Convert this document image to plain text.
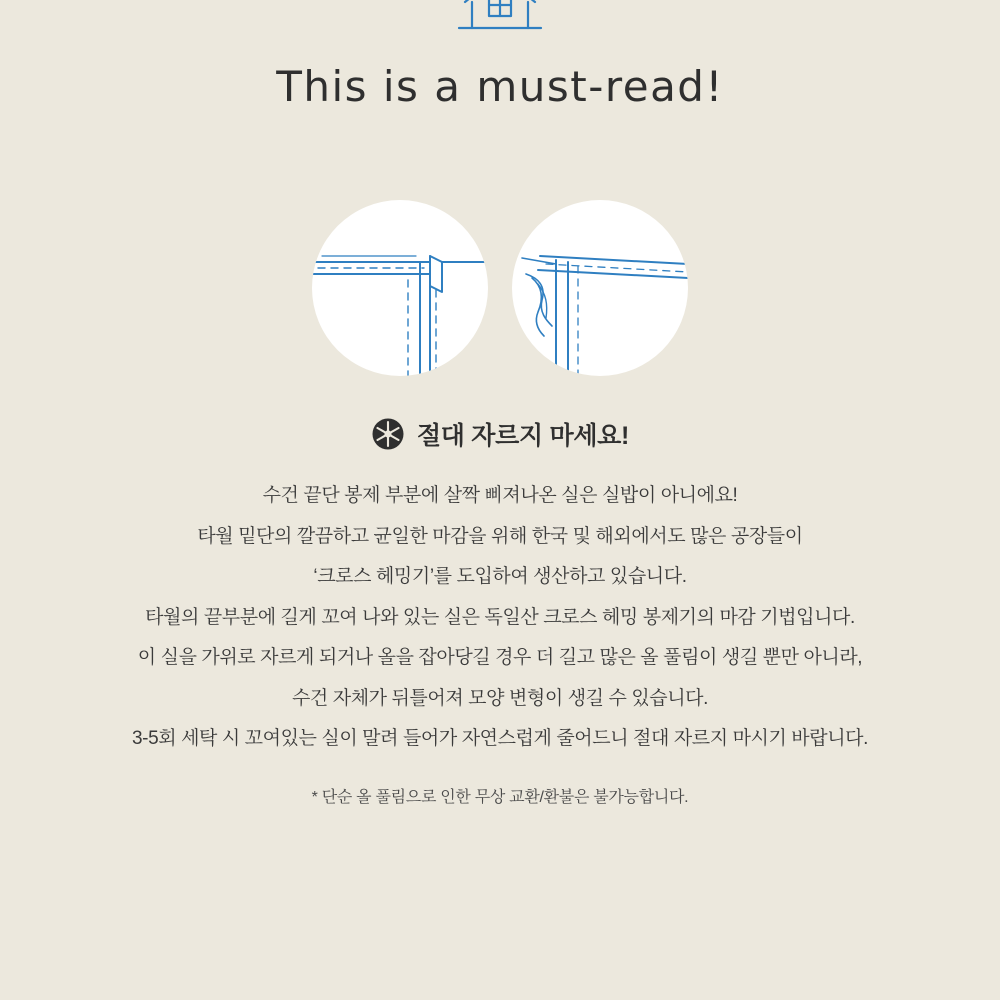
This is a must-read!
절대 자르지 마세요!

수건 끝단 봉제 부분에 살짝 삐져나온 실은 실밥이 아니에요!

타월 밑단의 깔끔하고 균일한 마감을 위해 한국 및 해외에서도 많은 공장들이

‘크로스 헤밍기’를 도입하여 생산하고 있습니다.

타월의 끝부분에 길게 꼬여 나와 있는 실은 독일산 크로스 헤밍 봉제기의 마감 기법입니다.

이 실을 가위로 자르게 되거나 올을 잡아당길 경우 더 길고 많은 올 풀림이 생길 뿐만 아니라,

수건 자체가 뒤틀어져 모양 변형이 생길 수 있습니다.

3-5회 세탁 시 꼬여있는 실이 말려 들어가 자연스럽게 줄어드니 절대 자르지 마시기 바랍니다.

* 단순 올 풀림으로 인한 무상 교환/환불은 불가능합니다.
